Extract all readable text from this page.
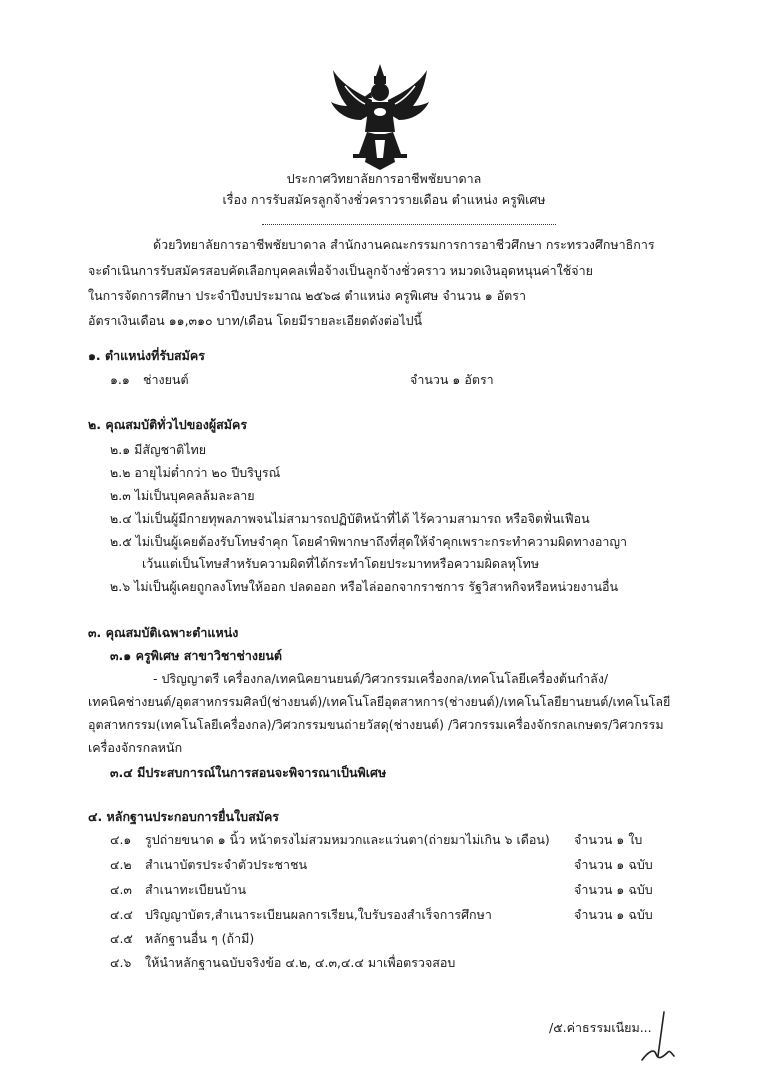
ประกาศวิทยาลัยการอาชีพชัยบาดาล
เรื่อง การรับสมัครลูกจ้างชั่วคราวรายเดือน ตำแหน่ง ครูพิเศษ
ด้วยวิทยาลัยการอาชีพชัยบาดาล สำนักงานคณะกรรมการการอาชีวศึกษา กระทรวงศึกษาธิการ
จะดำเนินการรับสมัครสอบคัดเลือกบุคคลเพื่อจ้างเป็นลูกจ้างชั่วคราว หมวดเงินอุดหนุนค่าใช้จ่าย
ในการจัดการศึกษา ประจำปีงบประมาณ ๒๕๖๘ ตำแหน่ง ครูพิเศษ จำนวน ๑ อัตรา
อัตราเงินเดือน ๑๑,๓๑๐ บาท/เดือน โดยมีรายละเอียดดังต่อไปนี้
๑. ตำแหน่งที่รับสมัคร
๑.๑ ช่างยนต์	จำนวน ๑ อัตรา
๒. คุณสมบัติทั่วไปของผู้สมัคร
๒.๑ มีสัญชาติไทย
๒.๒ อายุไม่ต่ำกว่า ๒๐ ปีบริบูรณ์
๒.๓ ไม่เป็นบุคคลล้มละลาย
๒.๔ ไม่เป็นผู้มีกายทุพลภาพจนไม่สามารถปฏิบัติหน้าที่ได้ ไร้ความสามารถ หรือจิตฟั่นเฟือน
๒.๕ ไม่เป็นผู้เคยต้องรับโทษจำคุก โดยคำพิพากษาถึงที่สุดให้จำคุกเพราะกระทำความผิดทางอาญา
เว้นแต่เป็นโทษสำหรับความผิดที่ได้กระทำโดยประมาทหรือความผิดลหุโทษ
๒.๖ ไม่เป็นผู้เคยถูกลงโทษให้ออก ปลดออก หรือไล่ออกจากราชการ รัฐวิสาหกิจหรือหน่วยงานอื่น
๓. คุณสมบัติเฉพาะตำแหน่ง
๓.๑ ครูพิเศษ สาขาวิชาช่างยนต์
- ปริญญาตรี เครื่องกล/เทคนิคยานยนต์/วิศวกรรมเครื่องกล/เทคโนโลยีเครื่องต้นกำลัง/
เทคนิคช่างยนต์/อุตสาหกรรมศิลป์(ช่างยนต์)/เทคโนโลยีอุตสาหการ(ช่างยนต์)/เทคโนโลยียานยนต์/เทคโนโลยี
อุตสาหกรรม(เทคโนโลยีเครื่องกล)/วิศวกรรมขนถ่ายวัสดุ(ช่างยนต์) /วิศวกรรมเครื่องจักรกลเกษตร/วิศวกรรม
เครื่องจักรกลหนัก
๓.๔ มีประสบการณ์ในการสอนจะพิจารณาเป็นพิเศษ
๔. หลักฐานประกอบการยื่นใบสมัคร
๔.๑ รูปถ่ายขนาด ๑ นิ้ว หน้าตรงไม่สวมหมวกและแว่นตา(ถ่ายมาไม่เกิน ๖ เดือน) จำนวน ๑ ใบ
๔.๒ สำเนาบัตรประจำตัวประชาชน	จำนวน ๑ ฉบับ
๔.๓ สำเนาทะเบียนบ้าน	จำนวน ๑ ฉบับ
๔.๔ ปริญญาบัตร,สำเนาระเบียนผลการเรียน,ใบรับรองสำเร็จการศึกษา	จำนวน ๑ ฉบับ
๔.๕ หลักฐานอื่น ๆ (ถ้ามี)
๔.๖ ให้นำหลักฐานฉบับจริงข้อ ๔.๒, ๔.๓,๔.๔ มาเพื่อตรวจสอบ
/๕.ค่าธรรมเนียม...
